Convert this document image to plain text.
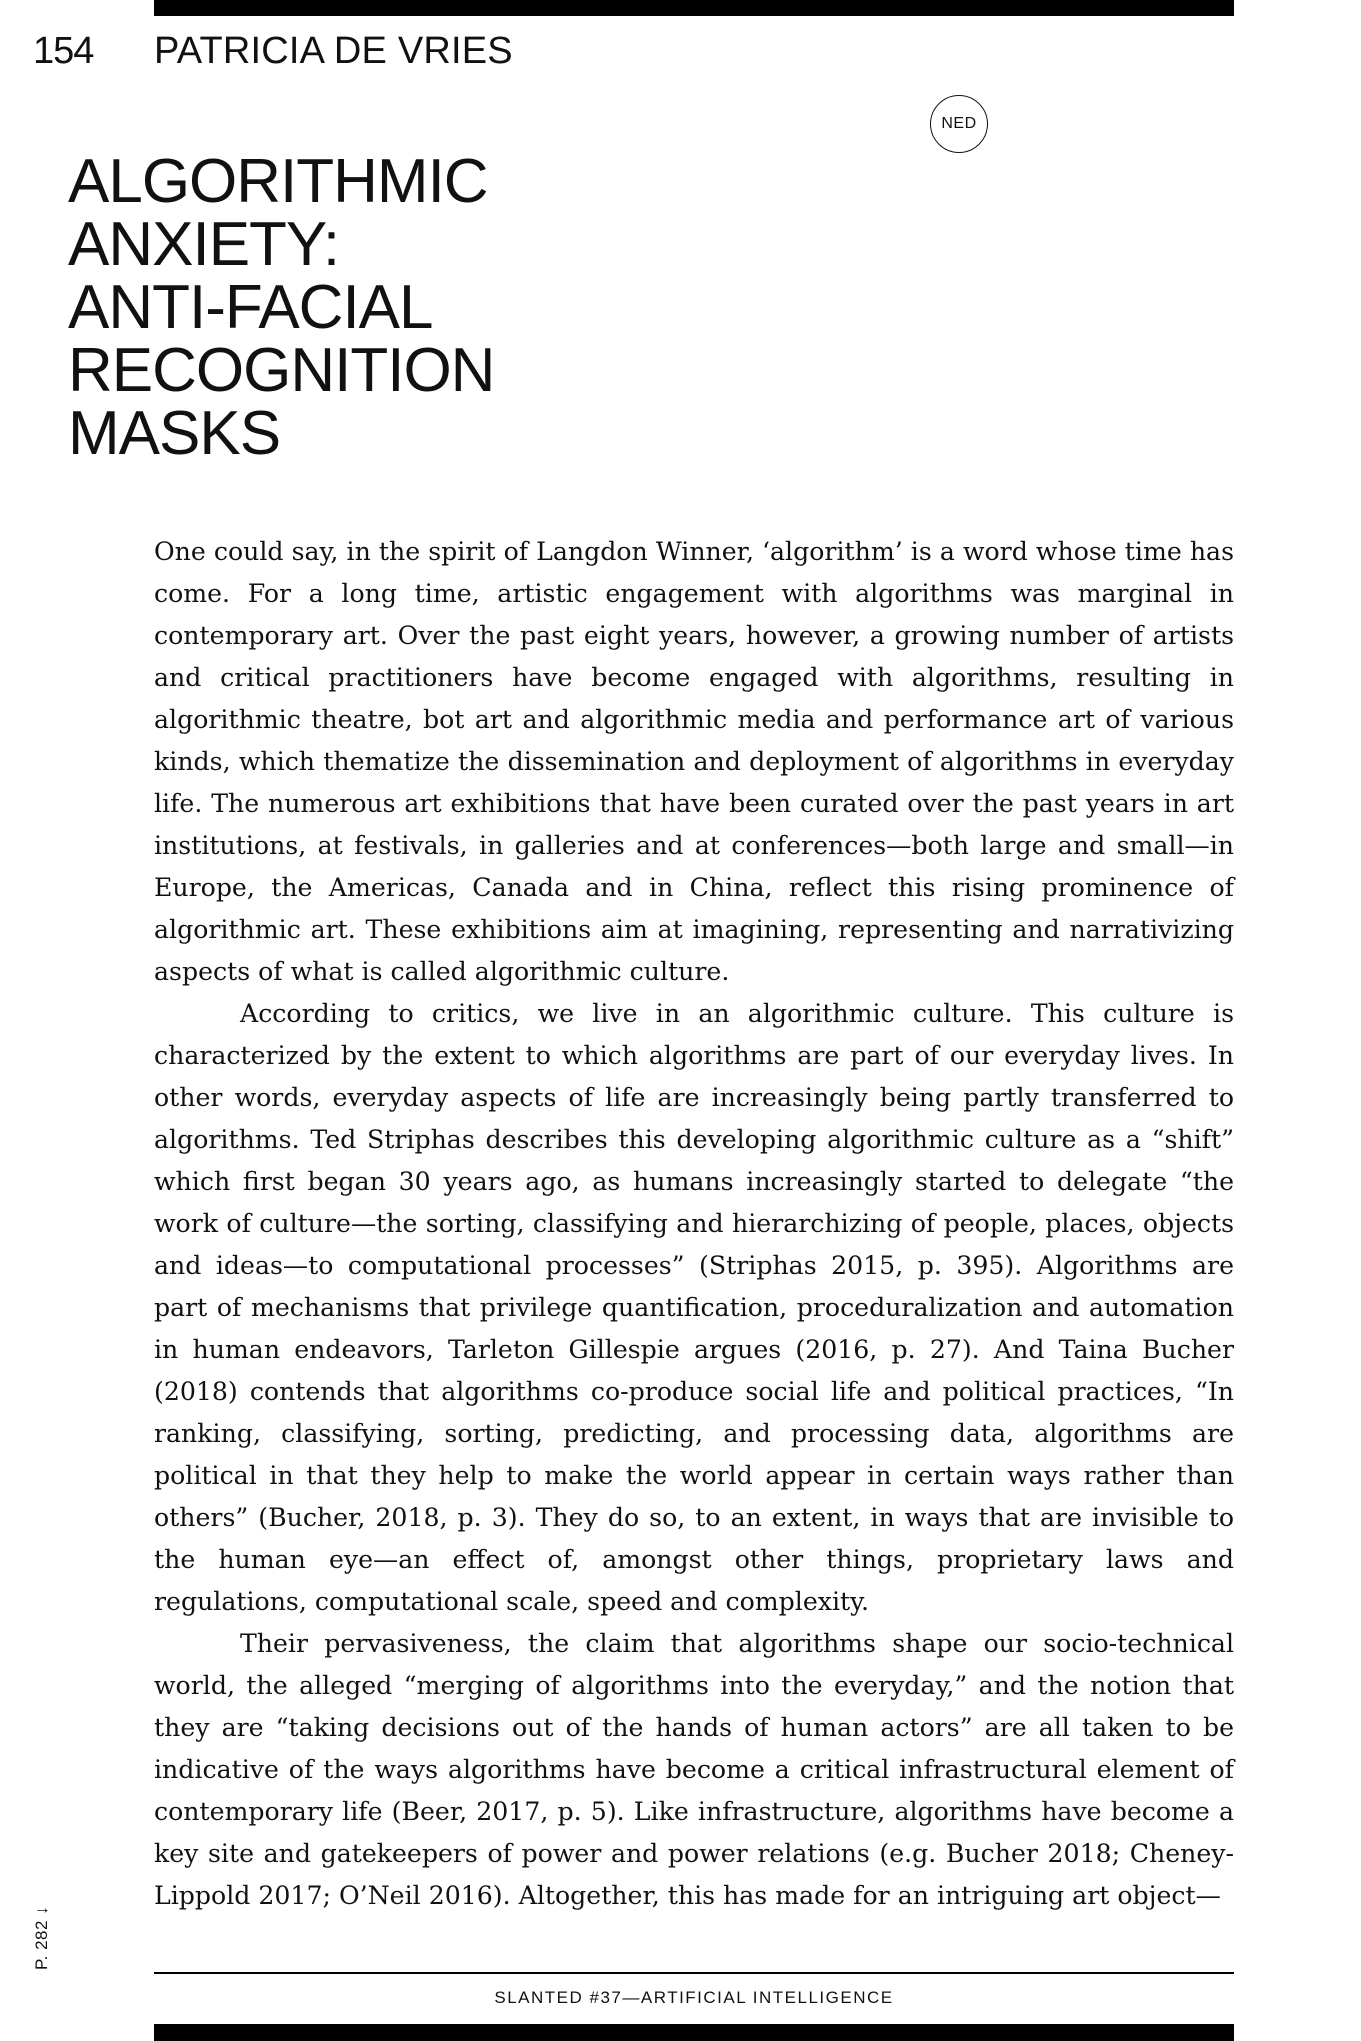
154 PATRICIA DE VRIES
NED
ALGORITHMIC
ANXIETY:
ANTI-FACIAL
RECOGNITION
MASKS

One could say, in the spirit of Langdon Winner, ‘algorithm’ is a word whose time has come. For a long time, artistic engagement with algorithms was marginal in contemporary art. Over the past eight years, however, a growing number of artists and critical practitioners have become engaged with algorithms, resulting in algorithmic theatre, bot art and algorithmic media and performance art of various kinds, which thematize the dissemination and deployment of algorithms in everyday life. The numerous art exhibitions that have been curated over the past years in art institutions, at festivals, in galleries and at conferences—both large and small—in Europe, the Americas, Canada and in China, reflect this rising prominence of algorithmic art. These exhibitions aim at imagining, representing and narrativizing aspects of what is called algorithmic culture.

According to critics, we live in an algorithmic culture. This culture is characterized by the extent to which algorithms are part of our everyday lives. In other words, everyday aspects of life are increasingly being partly transferred to algorithms. Ted Striphas describes this developing algorithmic culture as a “shift” which first began 30 years ago, as humans increasingly started to delegate “the work of culture—the sorting, classifying and hierarchizing of people, places, objects and ideas—to computational processes” (Striphas 2015, p. 395). Algorithms are part of mechanisms that privilege quantification, proceduralization and automation in human endeavors, Tarleton Gillespie argues (2016, p. 27). And Taina Bucher (2018) contends that algorithms co-produce social life and political practices, “In ranking, classifying, sorting, predicting, and processing data, algorithms are political in that they help to make the world appear in certain ways rather than others” (Bucher, 2018, p. 3). They do so, to an extent, in ways that are invisible to the human eye—an effect of, amongst other things, proprietary laws and regulations, computational scale, speed and complexity.

Their pervasiveness, the claim that algorithms shape our socio-technical world, the alleged “merging of algorithms into the everyday,” and the notion that they are “taking decisions out of the hands of human actors” are all taken to be indicative of the ways algorithms have become a critical infrastructural element of contemporary life (Beer, 2017, p. 5). Like infrastructure, algorithms have become a key site and gatekeepers of power and power relations (e.g. Bucher 2018; Cheney-Lippold 2017; O’Neil 2016). Altogether, this has made for an intriguing art object—

P. 282 ↓
SLANTED #37—ARTIFICIAL INTELLIGENCE
